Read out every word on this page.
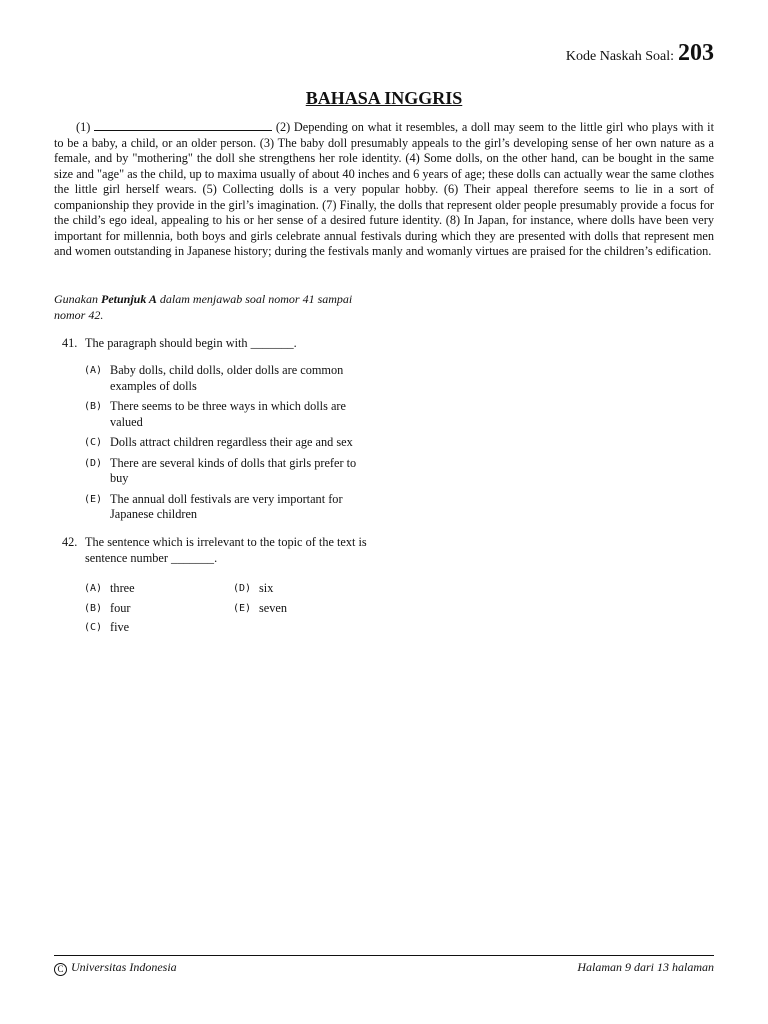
Kode Naskah Soal: 203
BAHASA INGGRIS

(1)	(2) Depending on what it resembles, a doll may seem to the little girl who plays with it to be a baby, a child, or an older person. (3) The baby doll presumably appeals to the girl’s developing sense of her own nature as a female, and by "mothering" the doll she strengthens her role identity. (4) Some dolls, on the other hand, can be bought in the same size and "age" as the child, up to maxima usually of about 40 inches and 6 years of age; these dolls can actually wear the same clothes the little girl herself wears. (5) Collecting dolls is a very popular hobby. (6) Their appeal therefore seems to lie in a sort of companionship they provide in the girl’s imagination. (7) Finally, the dolls that represent older people presumably provide a focus for the child’s ego ideal, appealing to his or her sense of a desired future identity. (8) In Japan, for instance, where dolls have been very important for millennia, both boys and girls celebrate annual festivals during which they are presented with dolls that represent men and women outstanding in Japanese history; during the festivals manly and womanly virtues are praised for the children’s edification.

Gunakan Petunjuk A dalam menjawab soal nomor 41 sampai nomor 42.

41. The paragraph should begin with _______.
(A) Baby dolls, child dolls, older dolls are common examples of dolls
(B) There seems to be three ways in which dolls are valued
(C) Dolls attract children regardless their age and sex
(D) There are several kinds of dolls that girls prefer to buy
(E) The annual doll festivals are very important for Japanese children
42. The sentence which is irrelevant to the topic of the text is sentence number _______.
(A) three
(B) four
(C) five
(D) six
(E) seven
C Universitas Indonesia	Halaman 9 dari 13 halaman
